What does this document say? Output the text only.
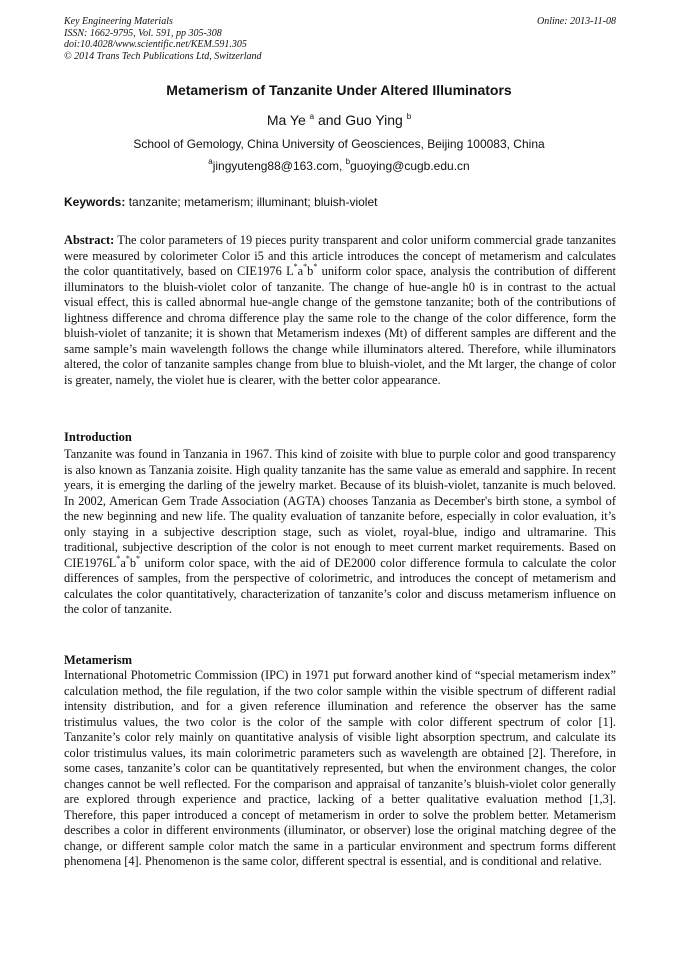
Key Engineering Materials
ISSN: 1662-9795, Vol. 591, pp 305-308
doi:10.4028/www.scientific.net/KEM.591.305
© 2014 Trans Tech Publications Ltd, Switzerland
Online: 2013-11-08
Metamerism of Tanzanite Under Altered Illuminators
Ma Ye $^a$ and Guo Ying $^b$
School of Gemology, China University of Geosciences, Beijing 100083, China
$^a$jingyuteng88@163.com, $^b$guoying@cugb.edu.cn
Keywords: tanzanite; metamerism; illuminant; bluish-violet
Abstract: The color parameters of 19 pieces purity transparent and color uniform commercial grade tanzanites were measured by colorimeter Color i5 and this article introduces the concept of metamerism and calculates the color quantitatively, based on CIE1976 L*a*b* uniform color space, analysis the contribution of different illuminators to the bluish-violet color of tanzanite. The change of hue-angle h0 is in contrast to the actual visual effect, this is called abnormal hue-angle change of the gemstone tanzanite; both of the contributions of lightness difference and chroma difference play the same role to the change of the color difference, form the bluish-violet of tanzanite; it is shown that Metamerism indexes (Mt) of different samples are different and the same sample’s main wavelength follows the change while illuminators altered. Therefore, while illuminators altered, the color of tanzanite samples change from blue to bluish-violet, and the Mt larger, the change of color is greater, namely, the violet hue is clearer, with the better color appearance.
Introduction
Tanzanite was found in Tanzania in 1967. This kind of zoisite with blue to purple color and good transparency is also known as Tanzania zoisite. High quality tanzanite has the same value as emerald and sapphire. In recent years, it is emerging the darling of the jewelry market. Because of its bluish-violet, tanzanite is much beloved. In 2002, American Gem Trade Association (AGTA) chooses Tanzania as December's birth stone, a symbol of the new beginning and new life. The quality evaluation of tanzanite before, especially in color evaluation, it’s only staying in a subjective description stage, such as violet, royal-blue, indigo and ultramarine. This traditional, subjective description of the color is not enough to meet current market requirements. Based on CIE1976L*a*b* uniform color space, with the aid of DE2000 color difference formula to calculate the color differences of samples, from the perspective of colorimetric, and introduces the concept of metamerism and calculates the color quantitatively, characterization of tanzanite’s color and discuss metamerism influence on the color of tanzanite.
Metamerism
International Photometric Commission (IPC) in 1971 put forward another kind of “special metamerism index” calculation method, the file regulation, if the two color sample within the visible spectrum of different radial intensity distribution, and for a given reference illumination and reference the observer has the same tristimulus values, the two color is the color of the sample with color different spectrum of color [1]. Tanzanite’s color rely mainly on quantitative analysis of visible light absorption spectrum, and calculate its color tristimulus values, its main colorimetric parameters such as wavelength are obtained [2]. Therefore, in some cases, tanzanite’s color can be quantitatively represented, but when the environment changes, the color changes cannot be well reflected. For the comparison and appraisal of tanzanite’s bluish-violet color generally are explored through experience and practice, lacking of a better qualitative evaluation method [1,3]. Therefore, this paper introduced a concept of metamerism in order to solve the problem better. Metamerism describes a color in different environments (illuminator, or observer) lose the original matching degree of the change, or different sample color match the same in a particular environment and spectrum forms different phenomena [4]. Phenomenon is the same color, different spectral is essential, and is conditional and relative.
